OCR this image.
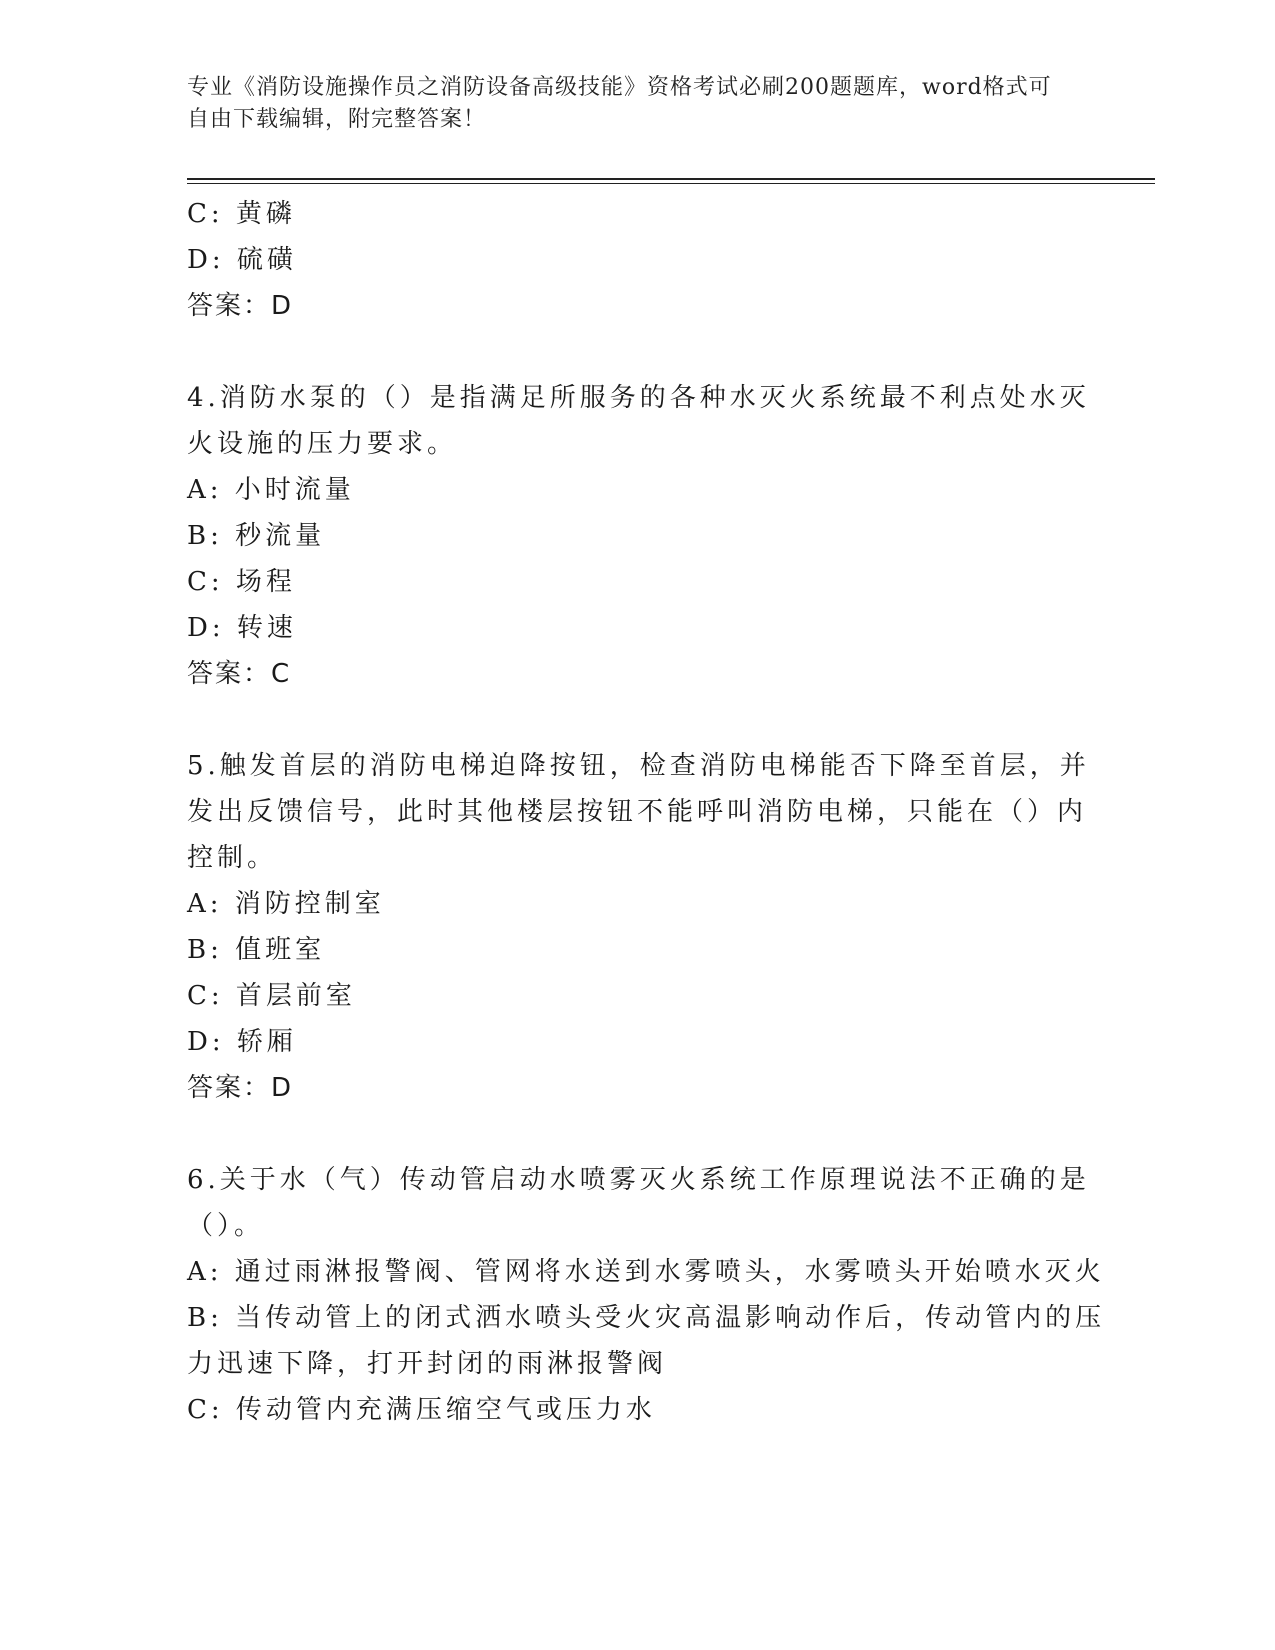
专业《消防设施操作员之消防设备高级技能》资格考试必刷200题题库，word格式可自由下载编辑，附完整答案！
C: 黄磷
D: 硫磺
答案：D
4.消防水泵的（）是指满足所服务的各种水灭火系统最不利点处水灭
火设施的压力要求。
A: 小时流量
B: 秒流量
C: 场程
D: 转速
答案：C
5.触发首层的消防电梯迫降按钮，检查消防电梯能否下降至首层，并
发出反馈信号，此时其他楼层按钮不能呼叫消防电梯，只能在（）内
控制。
A: 消防控制室
B: 值班室
C: 首层前室
D: 轿厢
答案：D
6.关于水（气）传动管启动水喷雾灭火系统工作原理说法不正确的是
（）。
A: 通过雨淋报警阀、管网将水送到水雾喷头，水雾喷头开始喷水灭火
B: 当传动管上的闭式洒水喷头受火灾高温影响动作后，传动管内的压
力迅速下降，打开封闭的雨淋报警阀
C: 传动管内充满压缩空气或压力水
